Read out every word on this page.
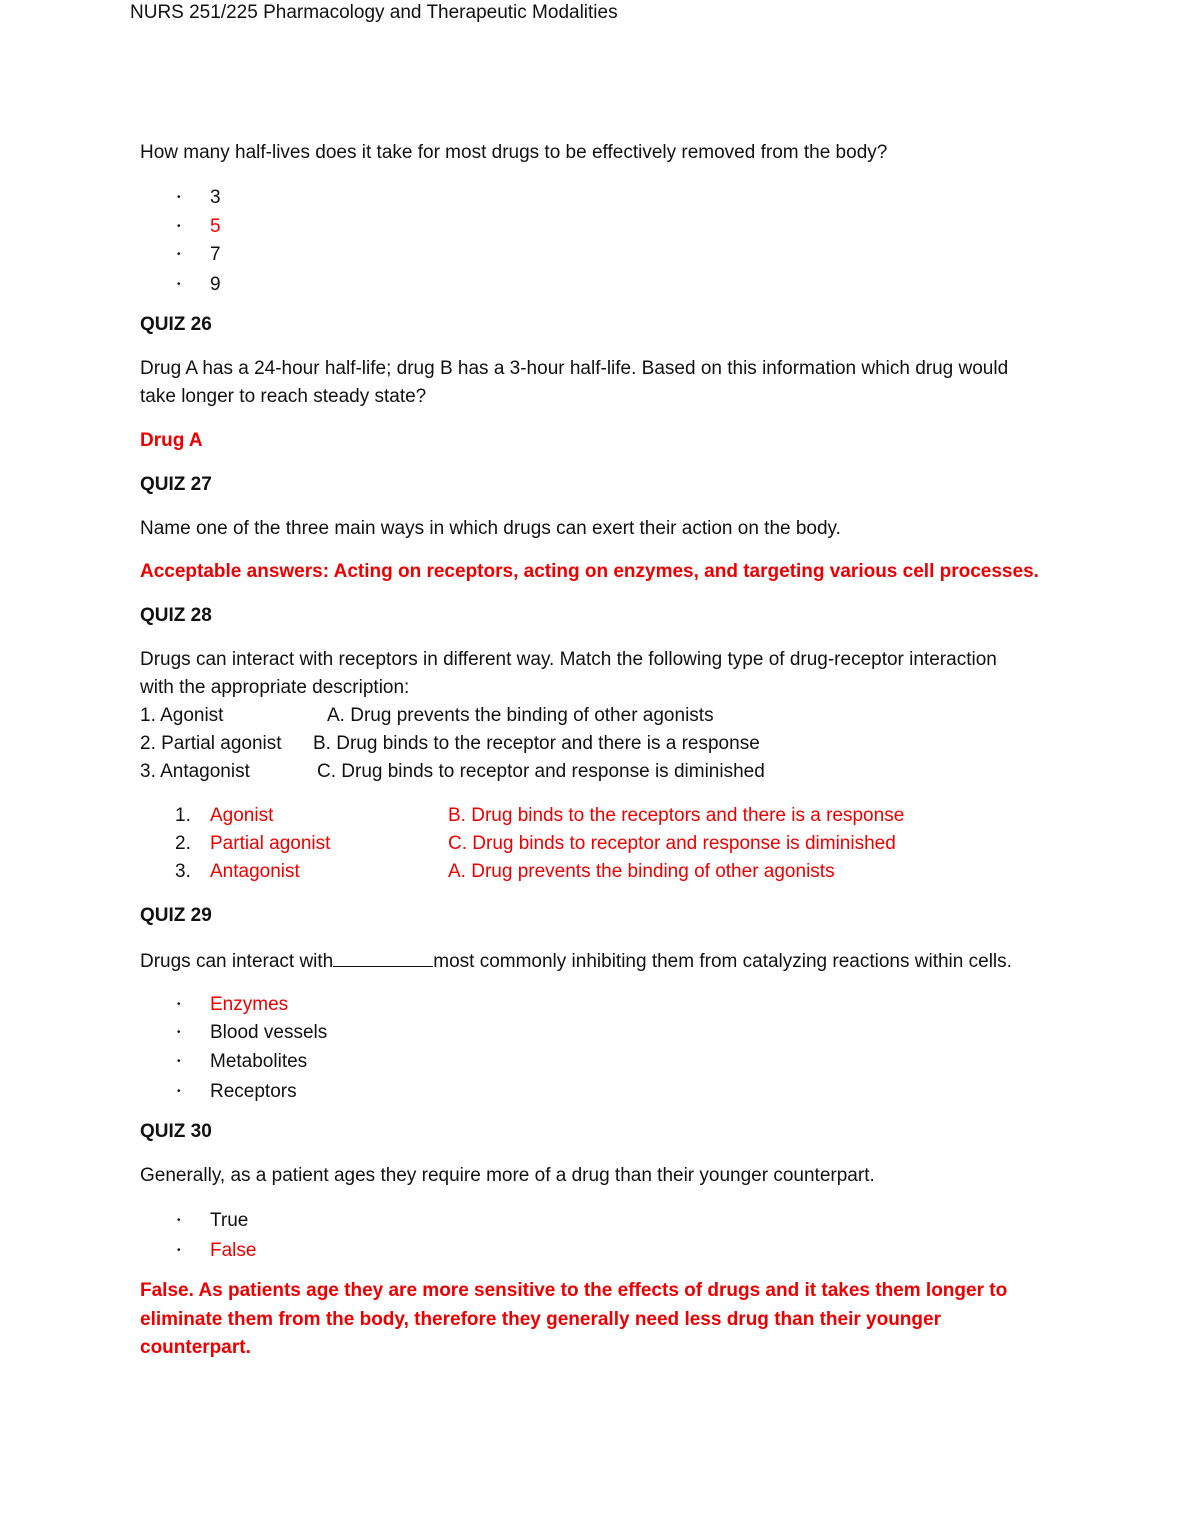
NURS 251/225 Pharmacology and Therapeutic Modalities
How many half-lives does it take for most drugs to be effectively removed from the body?
• 3
• 5
• 7
• 9
QUIZ 26
Drug A has a 24-hour half-life; drug B has a 3-hour half-life. Based on this information which drug would
take longer to reach steady state?
Drug A
QUIZ 27
Name one of the three main ways in which drugs can exert their action on the body.
Acceptable answers: Acting on receptors, acting on enzymes, and targeting various cell processes.
QUIZ 28
Drugs can interact with receptors in different way. Match the following type of drug-receptor interaction
with the appropriate description:
1. Agonist	A. Drug prevents the binding of other agonists
2. Partial agonist B. Drug binds to the receptor and there is a response
3. Antagonist	C. Drug binds to receptor and response is diminished
1. Agonist	B. Drug binds to the receptors and there is a response
2. Partial agonist	C. Drug binds to receptor and response is diminished
3. Antagonist	A. Drug prevents the binding of other agonists
QUIZ 29
Drugs can interact with	most commonly inhibiting them from catalyzing reactions within cells.
• Enzymes
• Blood vessels
• Metabolites
• Receptors
QUIZ 30
Generally, as a patient ages they require more of a drug than their younger counterpart.
• True
• False
False. As patients age they are more sensitive to the effects of drugs and it takes them longer to
eliminate them from the body, therefore they generally need less drug than their younger
counterpart.
